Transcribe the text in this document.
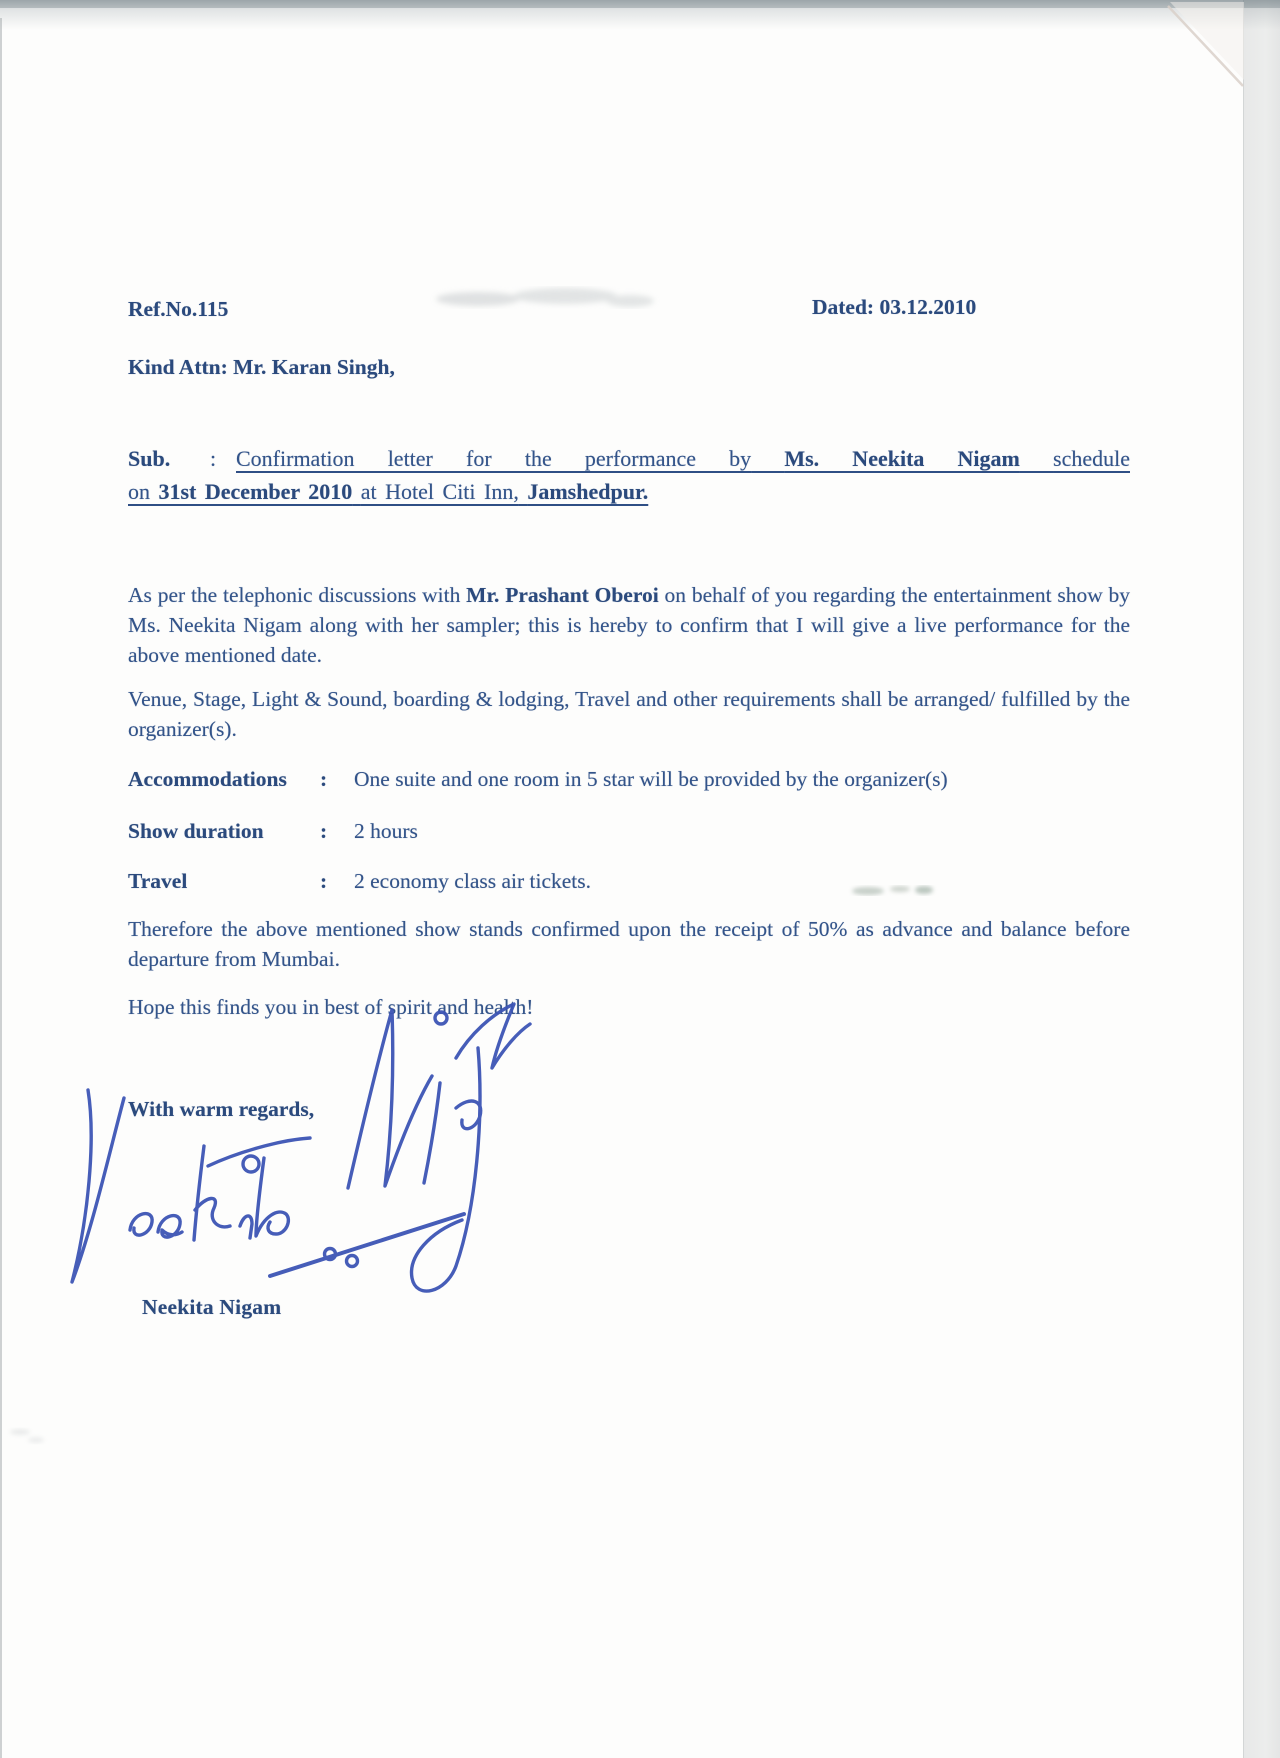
Ref.No.115	Dated: 03.12.2010
Kind Attn: Mr. Karan Singh,
Sub.	: Confirmation letter for the performance by Ms. Neekita Nigam schedule
on 31st December 2010 at Hotel Citi Inn, Jamshedpur.
As per the telephonic discussions with Mr. Prashant Oberoi on behalf of you regarding the entertainment show by Ms. Neekita Nigam along with her sampler; this is hereby to confirm that I will give a live performance for the above mentioned date.
Venue, Stage, Light & Sound, boarding & lodging, Travel and other requirements shall be arranged/ fulfilled by the organizer(s).
Accommodations	:	One suite and one room in 5 star will be provided by the organizer(s)
Show duration	:	2 hours
Travel	:	2 economy class air tickets.
Therefore the above mentioned show stands confirmed upon the receipt of 50% as advance and balance before departure from Mumbai.
Hope this finds you in best of spirit and health!
With warm regards,
Neekita Nigam
